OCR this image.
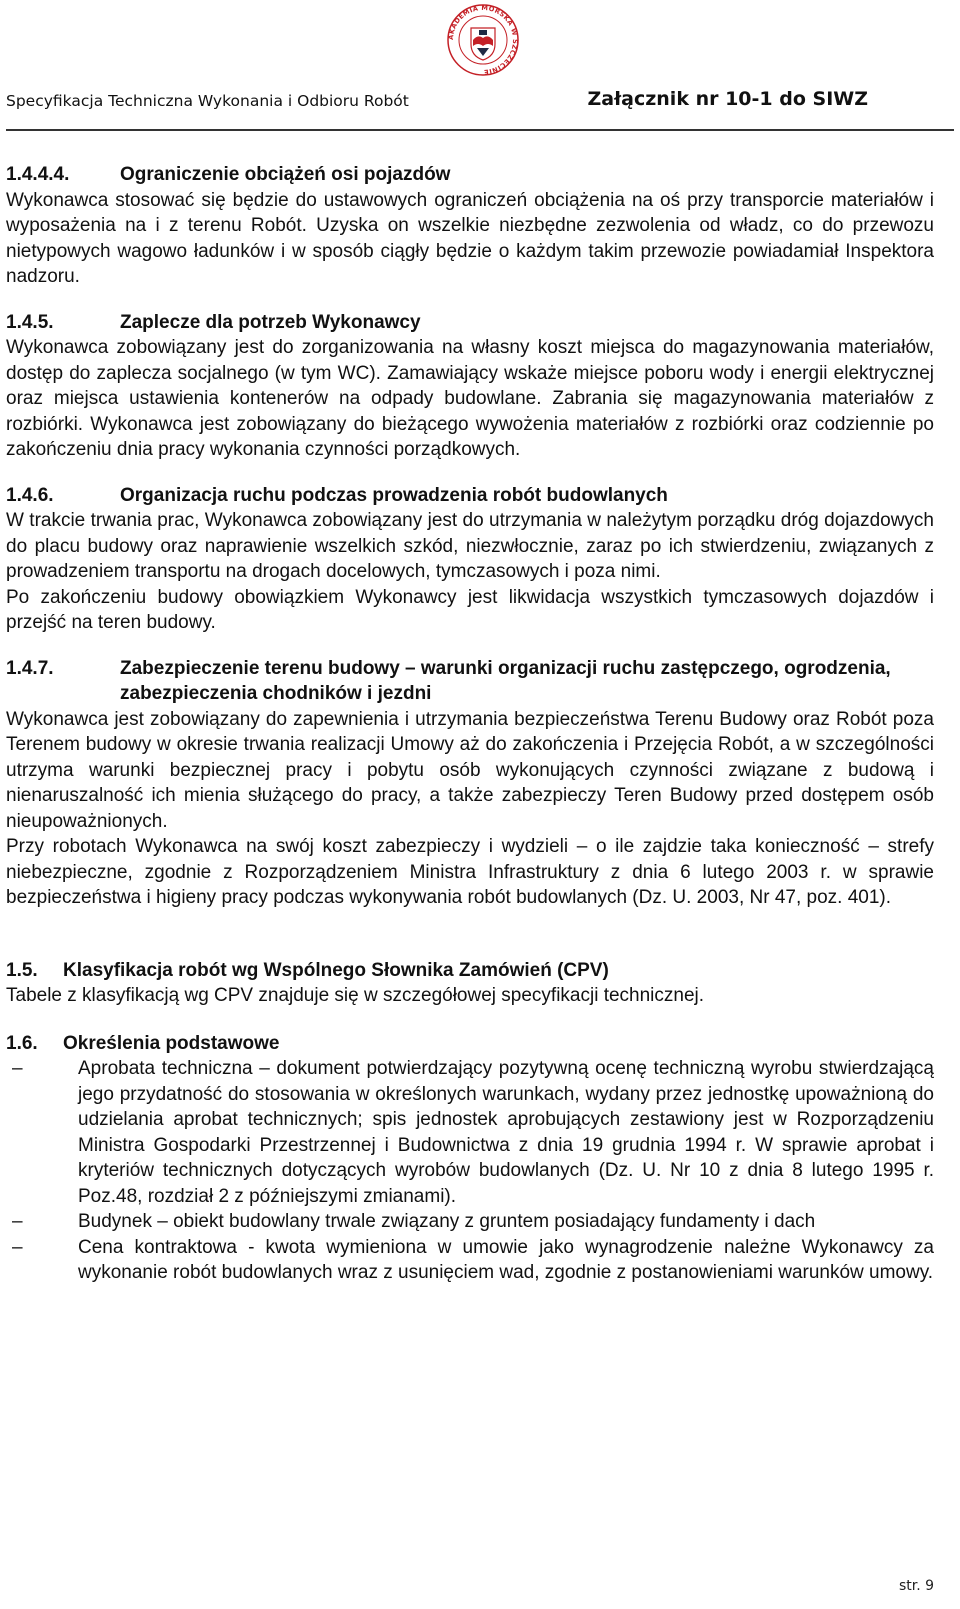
AKADEMIA MORSKA W SZCZECINIE
Specyfikacja Techniczna Wykonania i Odbioru Robót	Załącznik nr 10-1 do SIWZ
1.4.4.4.	Ograniczenie obciążeń osi pojazdów

Wykonawca stosować się będzie do ustawowych ograniczeń obciążenia na oś przy transporcie materiałów i wyposażenia na i z terenu Robót. Uzyska on wszelkie niezbędne zezwolenia od władz, co do przewozu nietypowych wagowo ładunków i w sposób ciągły będzie o każdym takim przewozie powiadamiał Inspektora nadzoru.

1.4.5.	Zaplecze dla potrzeb Wykonawcy

Wykonawca zobowiązany jest do zorganizowania na własny koszt miejsca do magazynowania materiałów, dostęp do zaplecza socjalnego (w tym WC). Zamawiający wskaże miejsce poboru wody i energii elektrycznej oraz miejsca ustawienia kontenerów na odpady budowlane. Zabrania się magazynowania materiałów z rozbiórki. Wykonawca jest zobowiązany do bieżącego wywożenia materiałów z rozbiórki oraz codziennie po zakończeniu dnia pracy wykonania czynności porządkowych.

1.4.6.	Organizacja ruchu podczas prowadzenia robót budowlanych

W trakcie trwania prac, Wykonawca zobowiązany jest do utrzymania w należytym porządku dróg dojazdowych do placu budowy oraz naprawienie wszelkich szkód, niezwłocznie, zaraz po ich stwierdzeniu, związanych z prowadzeniem transportu na drogach docelowych, tymczasowych i poza nimi.

Po zakończeniu budowy obowiązkiem Wykonawcy jest likwidacja wszystkich tymczasowych dojazdów i przejść na teren budowy.

1.4.7.	Zabezpieczenie terenu budowy – warunki organizacji ruchu zastępczego, ogrodzenia, zabezpieczenia chodników i jezdni

Wykonawca jest zobowiązany do zapewnienia i utrzymania bezpieczeństwa Terenu Budowy oraz Robót poza Terenem budowy w okresie trwania realizacji Umowy aż do zakończenia i Przejęcia Robót, a w szczególności utrzyma warunki bezpiecznej pracy i pobytu osób wykonujących czynności związane z budową i nienaruszalność ich mienia służącego do pracy, a także zabezpieczy Teren Budowy przed dostępem osób nieupoważnionych.

Przy robotach Wykonawca na swój koszt zabezpieczy i wydzieli – o ile zajdzie taka konieczność – strefy niebezpieczne, zgodnie z Rozporządzeniem Ministra Infrastruktury z dnia 6 lutego 2003 r. w sprawie bezpieczeństwa i higieny pracy podczas wykonywania robót budowlanych (Dz. U. 2003, Nr 47, poz. 401).

1.5.	Klasyfikacja robót wg Wspólnego Słownika Zamówień (CPV)

Tabele z klasyfikacją wg CPV znajduje się w szczegółowej specyfikacji technicznej.

1.6.	Określenia podstawowe
–	Aprobata techniczna – dokument potwierdzający pozytywną ocenę techniczną wyrobu stwierdzającą jego przydatność do stosowania w określonych warunkach, wydany przez jednostkę upoważnioną do udzielania aprobat technicznych; spis jednostek aprobujących zestawiony jest w Rozporządzeniu Ministra Gospodarki Przestrzennej i Budownictwa z dnia 19 grudnia 1994 r. W sprawie aprobat i kryteriów technicznych dotyczących wyrobów budowlanych (Dz. U. Nr 10 z dnia 8 lutego 1995 r. Poz.48, rozdział 2 z późniejszymi zmianami).
–	Budynek – obiekt budowlany trwale związany z gruntem posiadający fundamenty i dach
–	Cena kontraktowa - kwota wymieniona w umowie jako wynagrodzenie należne Wykonawcy za wykonanie robót budowlanych wraz z usunięciem wad, zgodnie z postanowieniami warunków umowy.
str. 9
